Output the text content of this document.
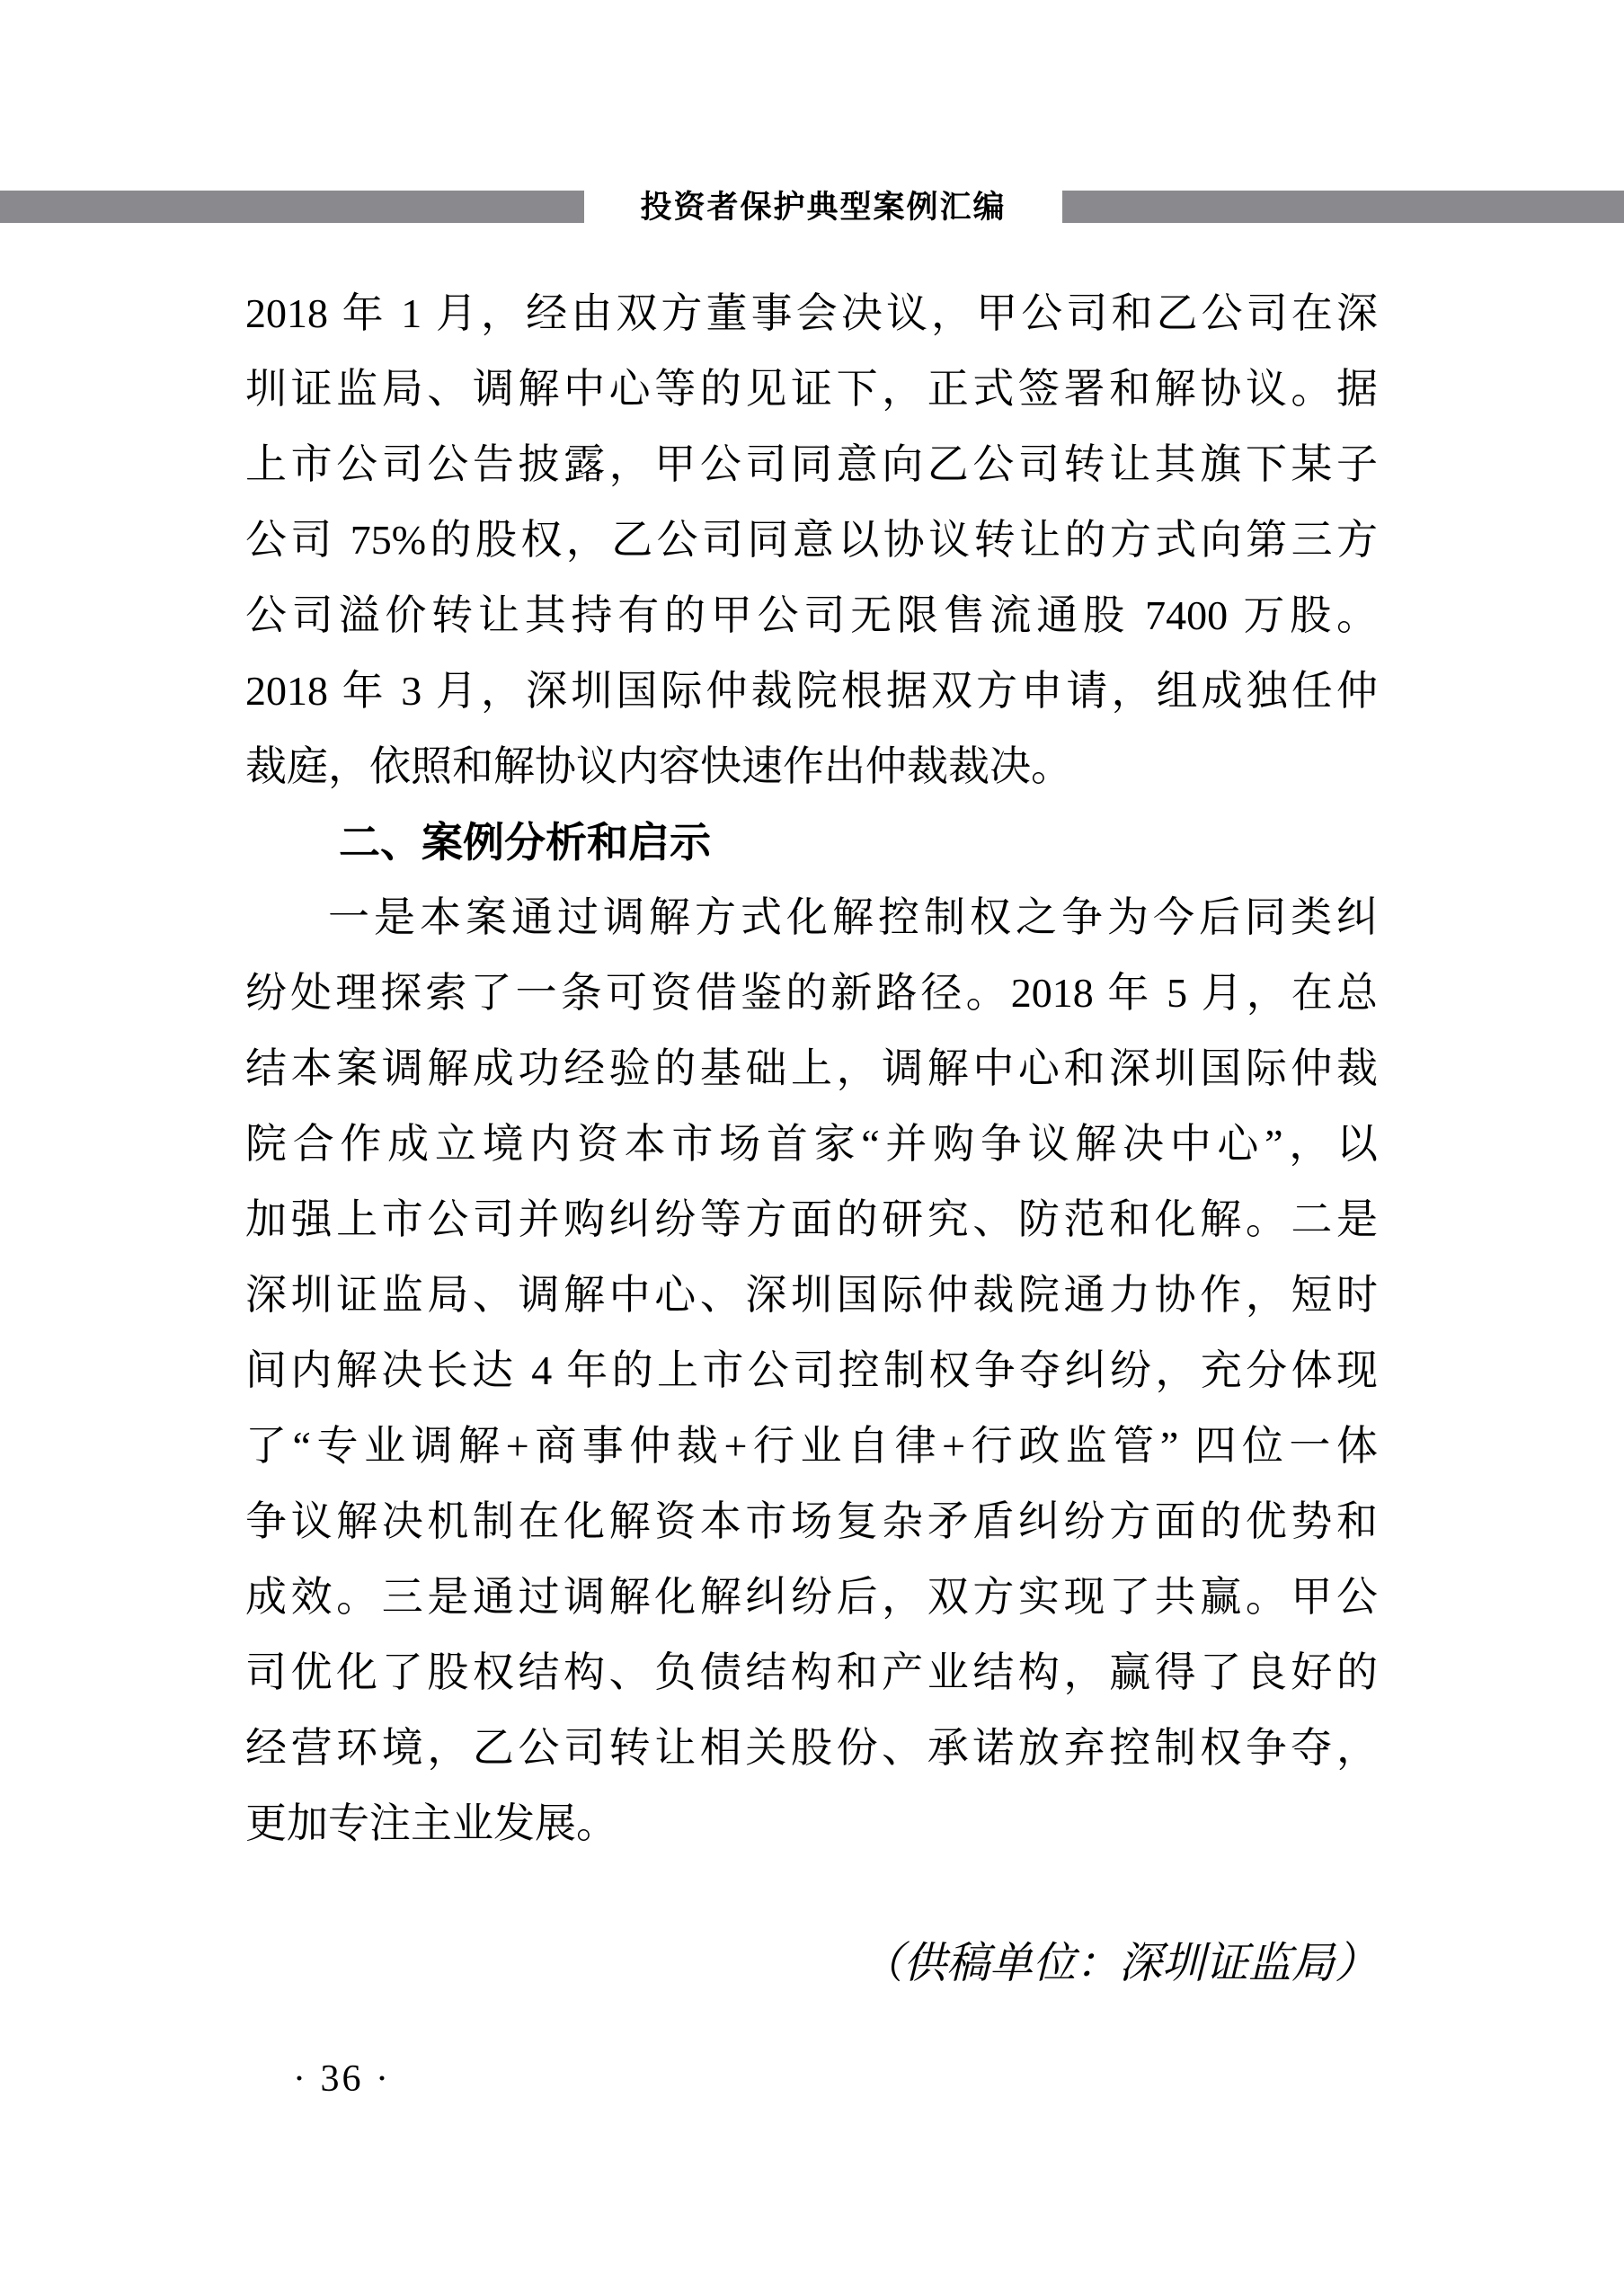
投资者保护典型案例汇编
2018 年 1 月，经由双方董事会决议，甲公司和乙公司在深
圳证监局、调解中心等的见证下，正式签署和解协议。据
上市公司公告披露，甲公司同意向乙公司转让其旗下某子
公司 75%的股权，乙公司同意以协议转让的方式向第三方
公司溢价转让其持有的甲公司无限售流通股 7400 万股。
2018 年 3 月，深圳国际仲裁院根据双方申请，组成独任仲
裁庭，依照和解协议内容快速作出仲裁裁决。
二、案例分析和启示
一是本案通过调解方式化解控制权之争为今后同类纠
纷处理探索了一条可资借鉴的新路径。2018 年 5 月，在总
结本案调解成功经验的基础上，调解中心和深圳国际仲裁
院合作成立境内资本市场首家“并购争议解决中心”，以
加强上市公司并购纠纷等方面的研究、防范和化解。二是
深圳证监局、调解中心、深圳国际仲裁院通力协作，短时
间内解决长达 4 年的上市公司控制权争夺纠纷，充分体现
了“专业调解+商事仲裁+行业自律+行政监管” 四位一体
争议解决机制在化解资本市场复杂矛盾纠纷方面的优势和
成效。三是通过调解化解纠纷后，双方实现了共赢。甲公
司优化了股权结构、负债结构和产业结构，赢得了良好的
经营环境，乙公司转让相关股份、承诺放弃控制权争夺，
更加专注主业发展。
（供稿单位：深圳证监局）
· 36 ·
